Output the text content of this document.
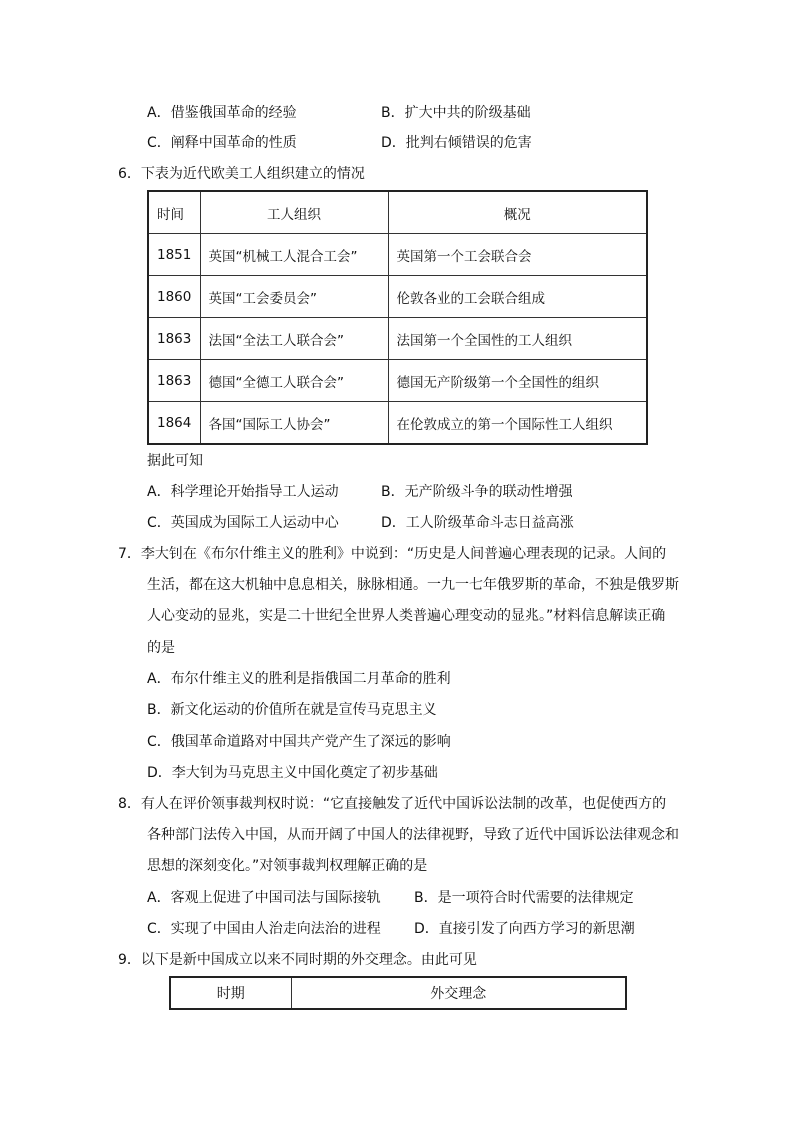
A．借鉴俄国革命的经验	B．扩大中共的阶级基础
C．阐释中国革命的性质	D．批判右倾错误的危害
6．下表为近代欧美工人组织建立的情况
时间	工人组织	概况
1851	英国“机械工人混合工会”	英国第一个工会联合会
1860	英国“工会委员会”	伦敦各业的工会联合组成
1863	法国“全法工人联合会”	法国第一个全国性的工人组织
1863	德国“全德工人联合会”	德国无产阶级第一个全国性的组织
1864	各国“国际工人协会”	在伦敦成立的第一个国际性工人组织
据此可知
A．科学理论开始指导工人运动	B．无产阶级斗争的联动性增强
C．英国成为国际工人运动中心	D．工人阶级革命斗志日益高涨
7．李大钊在《布尔什维主义的胜利》中说到：“历史是人间普遍心理表现的记录。人间的
生活，都在这大机轴中息息相关，脉脉相通。一九一七年俄罗斯的革命，不独是俄罗斯
人心变动的显兆，实是二十世纪全世界人类普遍心理变动的显兆。”材料信息解读正确
的是
A．布尔什维主义的胜利是指俄国二月革命的胜利
B．新文化运动的价值所在就是宣传马克思主义
C．俄国革命道路对中国共产党产生了深远的影响
D．李大钊为马克思主义中国化奠定了初步基础
8．有人在评价领事裁判权时说：“它直接触发了近代中国诉讼法制的改革，也促使西方的
各种部门法传入中国，从而开阔了中国人的法律视野，导致了近代中国诉讼法律观念和
思想的深刻变化。”对领事裁判权理解正确的是
A．客观上促进了中国司法与国际接轨 B．是一项符合时代需要的法律规定
C．实现了中国由人治走向法治的进程 D．直接引发了向西方学习的新思潮
9．以下是新中国成立以来不同时期的外交理念。由此可见
时期	外交理念
